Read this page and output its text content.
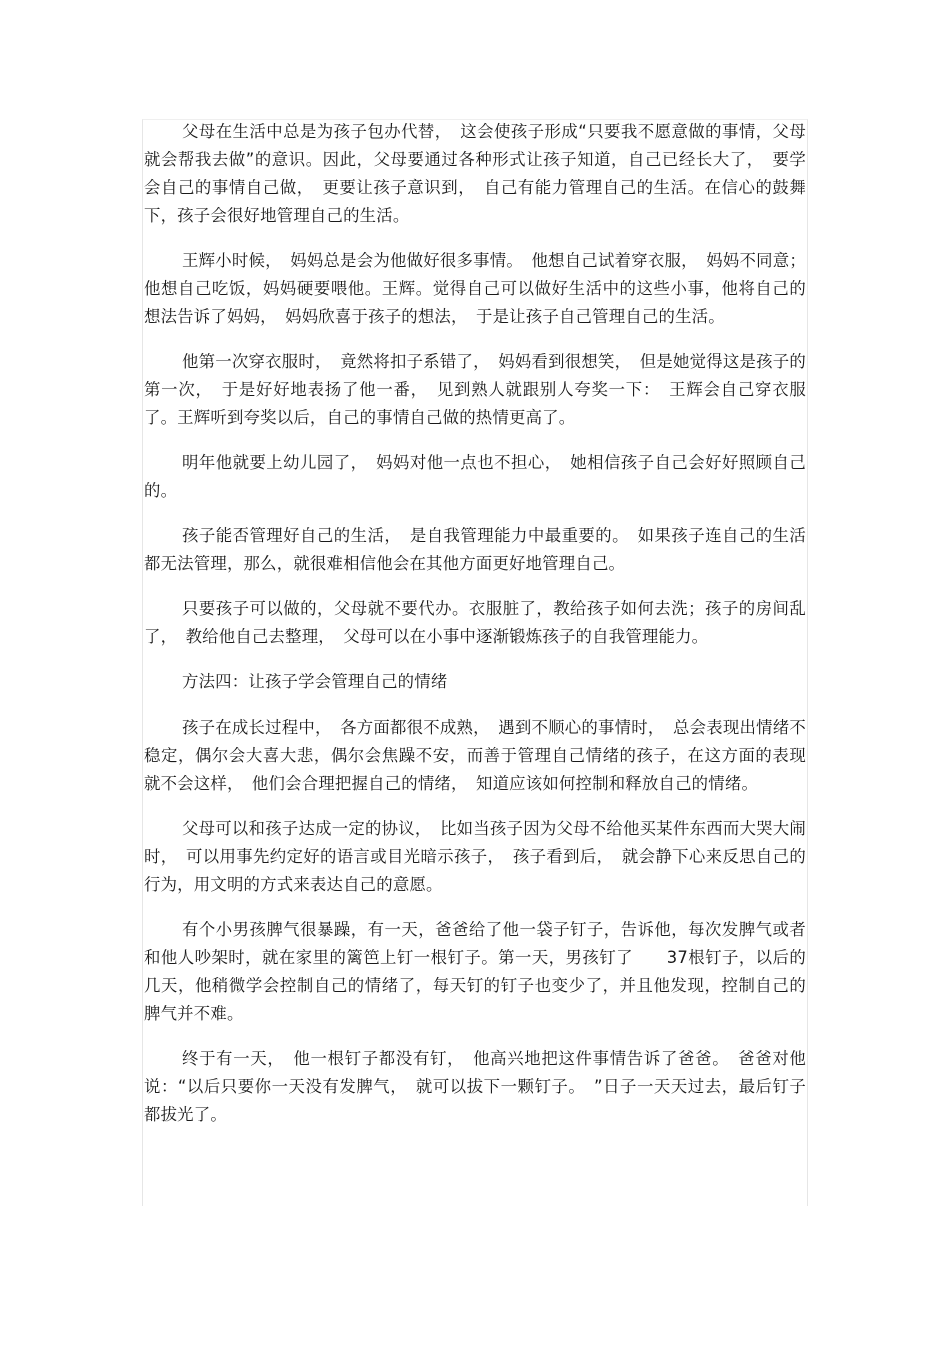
父母在生活中总是为孩子包办代替，　这会使孩子形成“只要我不愿意做的事情，父母就会帮我去做”的意识。因此，父母要通过各种形式让孩子知道，自己已经长大了，　要学会自己的事情自己做，　更要让孩子意识到，　自己有能力管理自己的生活。在信心的鼓舞下，孩子会很好地管理自己的生活。

王辉小时候，　妈妈总是会为他做好很多事情。　他想自己试着穿衣服，　妈妈不同意；他想自己吃饭，妈妈硬要喂他。王辉。觉得自己可以做好生活中的这些小事，他将自己的想法告诉了妈妈，　妈妈欣喜于孩子的想法，　于是让孩子自己管理自己的生活。

他第一次穿衣服时，　竟然将扣子系错了，　妈妈看到很想笑，　但是她觉得这是孩子的第一次，　于是好好地表扬了他一番，　见到熟人就跟别人夸奖一下：　王辉会自己穿衣服了。王辉听到夸奖以后，自己的事情自己做的热情更高了。

明年他就要上幼儿园了，　妈妈对他一点也不担心，　她相信孩子自己会好好照顾自己的。

孩子能否管理好自己的生活，　是自我管理能力中最重要的。　如果孩子连自己的生活都无法管理，那么，就很难相信他会在其他方面更好地管理自己。

只要孩子可以做的，父母就不要代办。衣服脏了，教给孩子如何去洗；孩子的房间乱了，　教给他自己去整理，　父母可以在小事中逐渐锻炼孩子的自我管理能力。

方法四：让孩子学会管理自己的情绪

孩子在成长过程中，　各方面都很不成熟，　遇到不顺心的事情时，　总会表现出情绪不稳定，偶尔会大喜大悲，偶尔会焦躁不安，而善于管理自己情绪的孩子，在这方面的表现就不会这样，　他们会合理把握自己的情绪，　知道应该如何控制和释放自己的情绪。

父母可以和孩子达成一定的协议，　比如当孩子因为父母不给他买某件东西而大哭大闹时，　可以用事先约定好的语言或目光暗示孩子，　孩子看到后，　就会静下心来反思自己的行为，用文明的方式来表达自己的意愿。

有个小男孩脾气很暴躁，有一天，爸爸给了他一袋子钉子，告诉他，每次发脾气或者和他人吵架时，就在家里的篱笆上钉一根钉子。第一天，男孩钉了　　37根钉子，以后的几天，他稍微学会控制自己的情绪了，每天钉的钉子也变少了，并且他发现，控制自己的脾气并不难。

终于有一天，　他一根钉子都没有钉，　他高兴地把这件事情告诉了爸爸。　爸爸对他说：“以后只要你一天没有发脾气，　就可以拔下一颗钉子。　”日子一天天过去，最后钉子都拔光了。
